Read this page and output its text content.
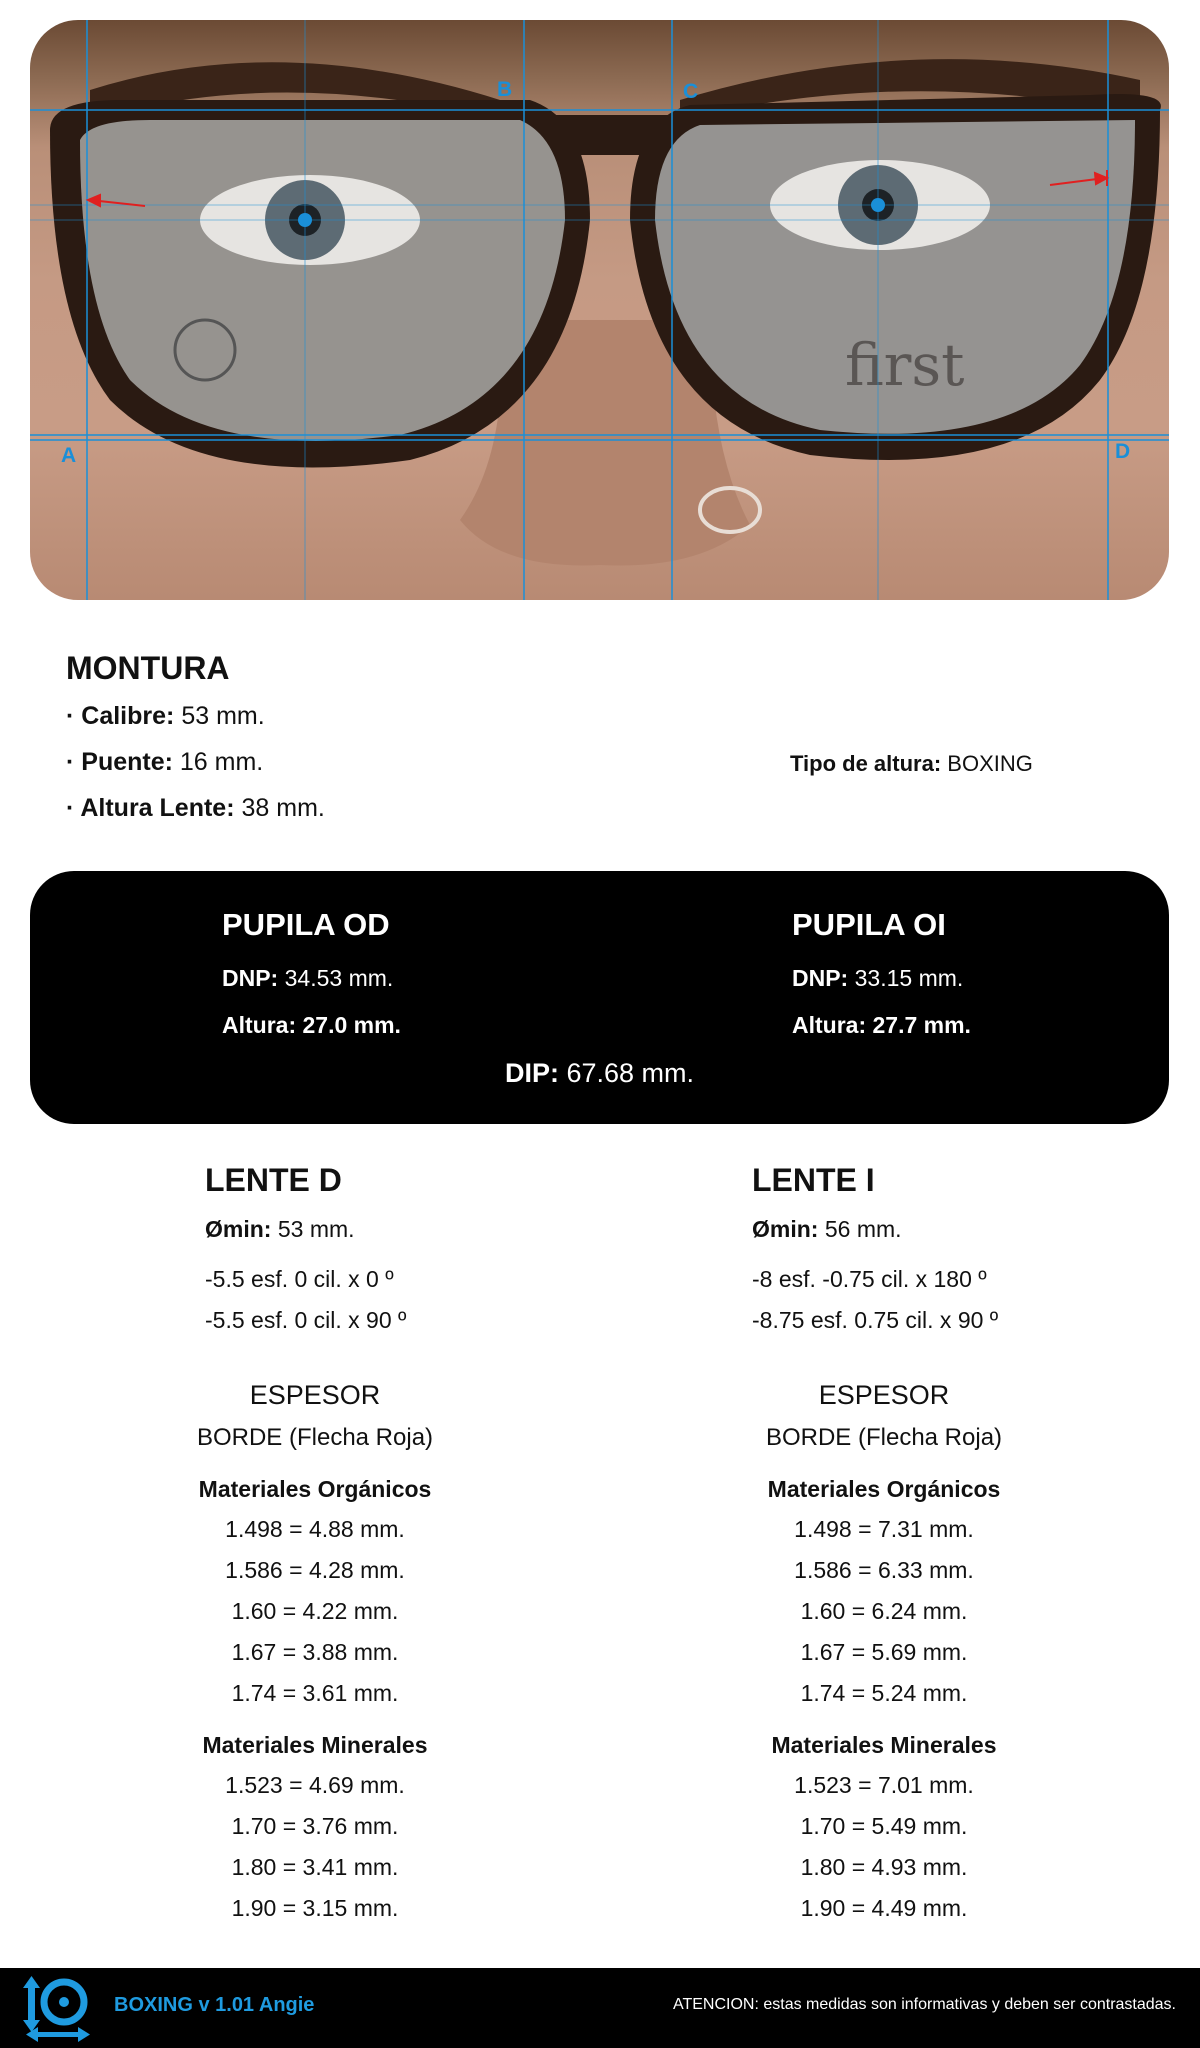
first
A
B	C
D
MONTURA
· Calibre: 53 mm.
· Puente: 16 mm.
· Altura Lente: 38 mm.
Tipo de altura: BOXING
PUPILA OD
DNP: 34.53 mm.
Altura: 27.0 mm.
PUPILA OI
DNP: 33.15 mm.
Altura: 27.7 mm.
DIP: 67.68 mm.
LENTE D
Ømin: 53 mm.
-5.5 esf. 0 cil. x 0 º
-5.5 esf. 0 cil. x 90 º
ESPESOR
BORDE (Flecha Roja)
Materiales Orgánicos
1.498 = 4.88 mm.
1.586 = 4.28 mm.
1.60 = 4.22 mm.
1.67 = 3.88 mm.
1.74 = 3.61 mm.
Materiales Minerales
1.523 = 4.69 mm.
1.70 = 3.76 mm.
1.80 = 3.41 mm.
1.90 = 3.15 mm.
LENTE I
Ømin: 56 mm.
-8 esf. -0.75 cil. x 180 º
-8.75 esf. 0.75 cil. x 90 º
ESPESOR
BORDE (Flecha Roja)
Materiales Orgánicos
1.498 = 7.31 mm.
1.586 = 6.33 mm.
1.60 = 6.24 mm.
1.67 = 5.69 mm.
1.74 = 5.24 mm.
Materiales Minerales
1.523 = 7.01 mm.
1.70 = 5.49 mm.
1.80 = 4.93 mm.
1.90 = 4.49 mm.
BOXING v 1.01 Angie	ATENCION: estas medidas son informativas y deben ser contrastadas.
